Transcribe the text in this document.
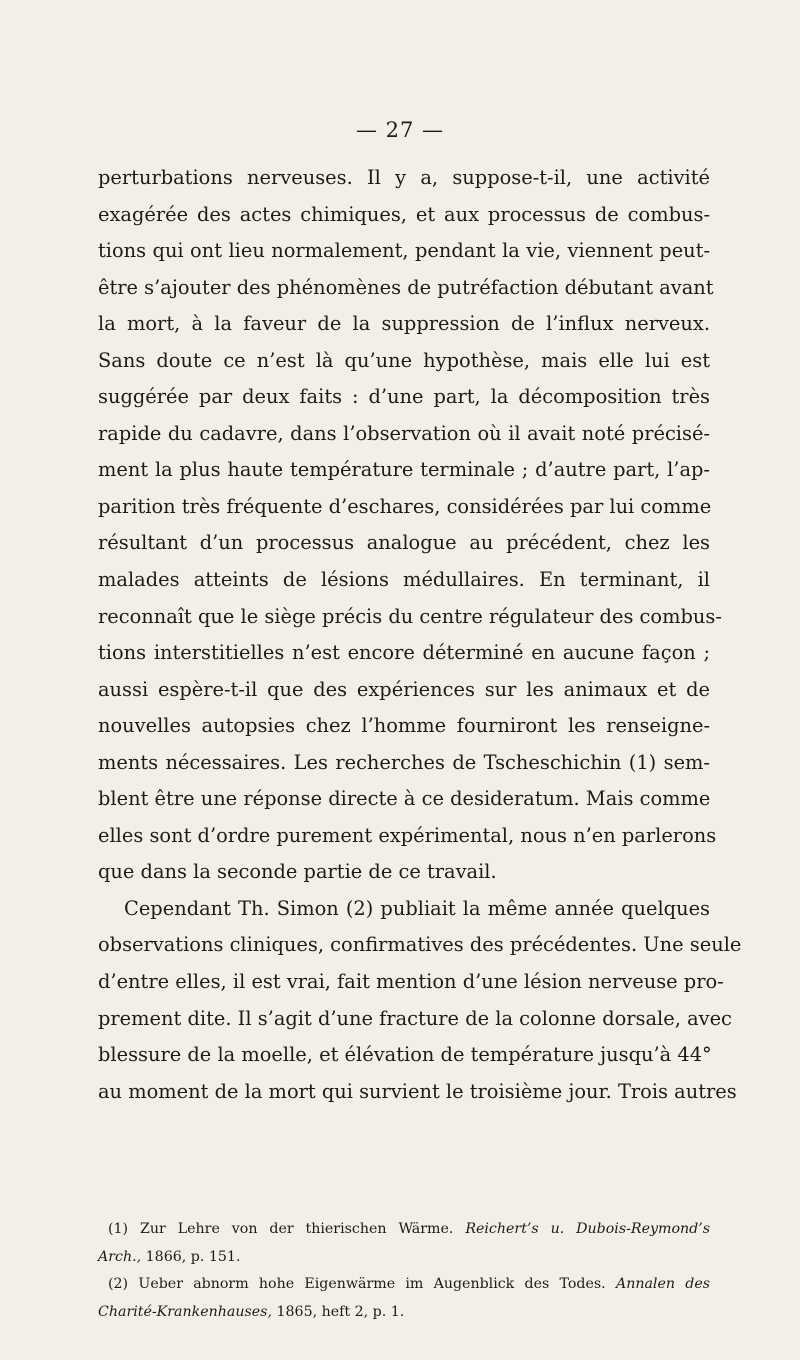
— 27 —
perturbations nerveuses. Il y a, suppose-t-il, une activité
exagérée des actes chimiques, et aux processus de combus-
tions qui ont lieu normalement, pendant la vie, viennent peut-
être s’ajouter des phénomènes de putréfaction débutant avant
la mort, à la faveur de la suppression de l’influx nerveux.
Sans doute ce n’est là qu’une hypothèse, mais elle lui est
suggérée par deux faits : d’une part, la décomposition très
rapide du cadavre, dans l’observation où il avait noté précisé-
ment la plus haute température terminale ; d’autre part, l’ap-
parition très fréquente d’eschares, considérées par lui comme
résultant d’un processus analogue au précédent, chez les
malades atteints de lésions médullaires. En terminant, il
reconnaît que le siège précis du centre régulateur des combus-
tions interstitielles n’est encore déterminé en aucune façon ;
aussi espère-t-il que des expériences sur les animaux et de
nouvelles autopsies chez l’homme fourniront les renseigne-
ments nécessaires. Les recherches de Tscheschichin (1) sem-
blent être une réponse directe à ce desideratum. Mais comme
elles sont d’ordre purement expérimental, nous n’en parlerons
que dans la seconde partie de ce travail.
Cependant Th. Simon (2) publiait la même année quelques
observations cliniques, confirmatives des précédentes. Une seule
d’entre elles, il est vrai, fait mention d’une lésion nerveuse pro-
prement dite. Il s’agit d’une fracture de la colonne dorsale, avec
blessure de la moelle, et élévation de température jusqu’à 44°
au moment de la mort qui survient le troisième jour. Trois autres
(1) Zur Lehre von der thierischen Wärme. Reichert’s u. Dubois-Reymond’s
Arch., 1866, p. 151.
(2) Ueber abnorm hohe Eigenwärme im Augenblick des Todes. Annalen des
Charité-Krankenhauses, 1865, heft 2, p. 1.
